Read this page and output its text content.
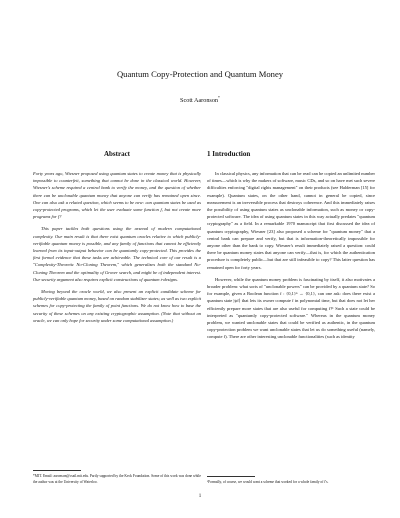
Quantum Copy-Protection and Quantum Money
Scott Aaronson*
Abstract

Forty years ago, Wiesner proposed using quantum states to create money that is physically impossible to counterfeit, something that cannot be done in the classical world. However, Wiesner's scheme required a central bank to verify the money, and the question of whether there can be unclonable quantum money that anyone can verify has remained open since. One can also ask a related question, which seems to be new: can quantum states be used as copy-protected programs, which let the user evaluate some function f, but not create more programs for f?

This paper tackles both questions using the arsenal of modern computational complexity. Our main result is that there exist quantum oracles relative to which publicly-verifiable quantum money is possible, and any family of functions that cannot be efficiently learned from its input-output behavior can be quantumly copy-protected. This provides the first formal evidence that these tasks are achievable. The technical core of our result is a "Complexity-Theoretic No-Cloning Theorem," which generalizes both the standard No-Cloning Theorem and the optimality of Grover search, and might be of independent interest. Our security argument also requires explicit constructions of quantum t-designs.

Moving beyond the oracle world, we also present an explicit candidate scheme for publicly-verifiable quantum money, based on random stabilizer states; as well as two explicit schemes for copy-protecting the family of point functions. We do not know how to base the security of these schemes on any existing cryptographic assumption. (Note that without an oracle, we can only hope for security under some computational assumption.)

1 Introduction

In classical physics, any information that can be read can be copied an unlimited number of times—which is why the makers of software, music CDs, and so on have met such severe difficulties enforcing "digital rights management" on their products (see Halderman [15] for example). Quantum states, on the other hand, cannot in general be copied, since measurement is an irreversible process that destroys coherence. And this immediately raises the possibility of using quantum states as unclonable information, such as money or copy-protected software. The idea of using quantum states in this way actually predates "quantum cryptography" as a field. In a remarkable 1970 manuscript that first discussed the idea of quantum cryptography, Wiesner [23] also proposed a scheme for "quantum money" that a central bank can prepare and verify, but that is information-theoretically impossible for anyone other than the bank to copy. Wiesner's result immediately raised a question: could there be quantum money states that anyone can verify—that is, for which the authentication procedure is completely public—but that are still infeasible to copy? This latter question has remained open for forty years.

However, while the quantum money problem is fascinating by itself, it also motivates a broader problem: what sorts of "unclonable powers" can be provided by a quantum state? So for example, given a Boolean function f : {0,1}ⁿ → {0,1}, can one ask: does there exist a quantum state |ψf⟩ that lets its owner compute f in polynomial time, but that does not let her efficiently prepare more states that are also useful for computing f?¹ Such a state could be interpreted as "quantumly copy-protected software." Whereas in the quantum money problem, we wanted unclonable states that could be verified as authentic, in the quantum copy-protection problem we want unclonable states that let us do something useful (namely, compute f). There are other interesting unclonable functionalities (such as identity

*MIT. Email: aaronson@csail.mit.edu. Partly supported by the Keck Foundation. Some of this work was done while the author was at the University of Waterloo.	¹Formally, of course, we would want a scheme that worked for a whole family of f's.
1
